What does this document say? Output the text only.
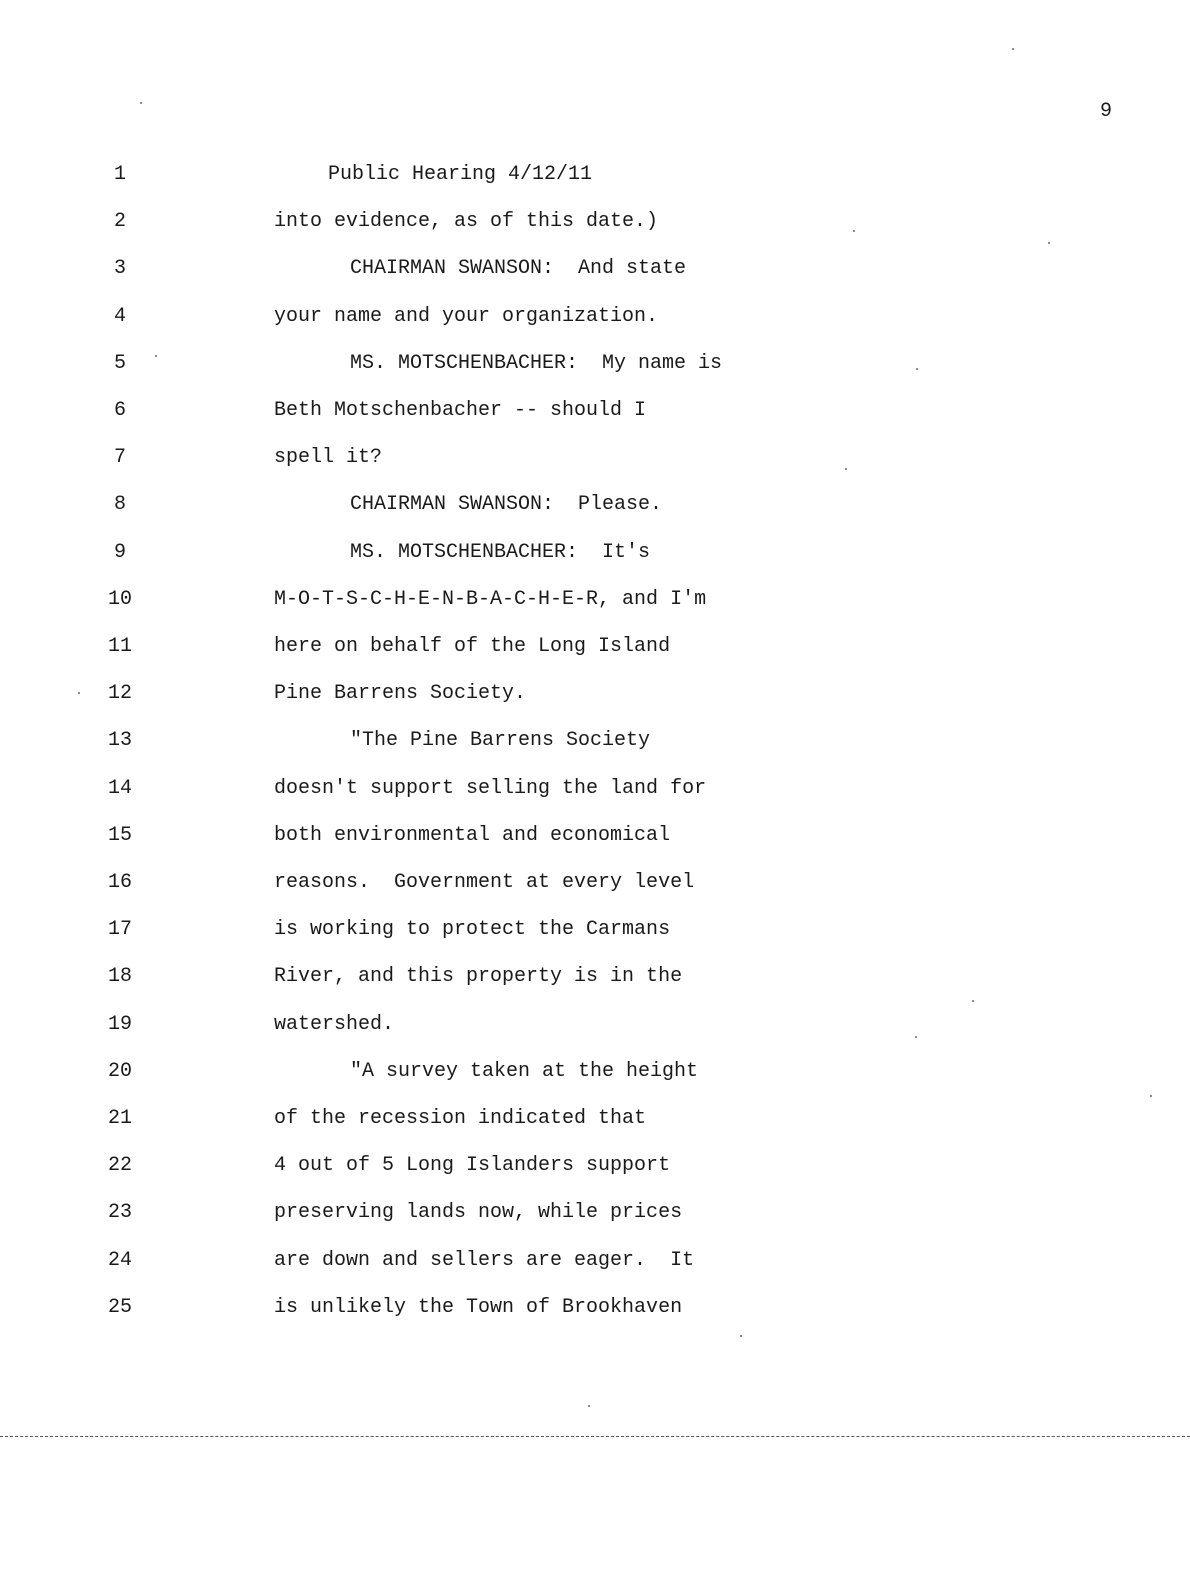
9
1	Public Hearing 4/12/11
2	into evidence, as of this date.)
3	CHAIRMAN SWANSON:  And state
4	your name and your organization.
5	MS. MOTSCHENBACHER:  My name is
6	Beth Motschenbacher -- should I
7	spell it?
8	CHAIRMAN SWANSON:  Please.
9	MS. MOTSCHENBACHER:  It's
10	M-O-T-S-C-H-E-N-B-A-C-H-E-R, and I'm
11	here on behalf of the Long Island
12	Pine Barrens Society.
13	"The Pine Barrens Society
14	doesn't support selling the land for
15	both environmental and economical
16	reasons.  Government at every level
17	is working to protect the Carmans
18	River, and this property is in the
19	watershed.
20	"A survey taken at the height
21	of the recession indicated that
22	4 out of 5 Long Islanders support
23	preserving lands now, while prices
24	are down and sellers are eager.  It
25	is unlikely the Town of Brookhaven
